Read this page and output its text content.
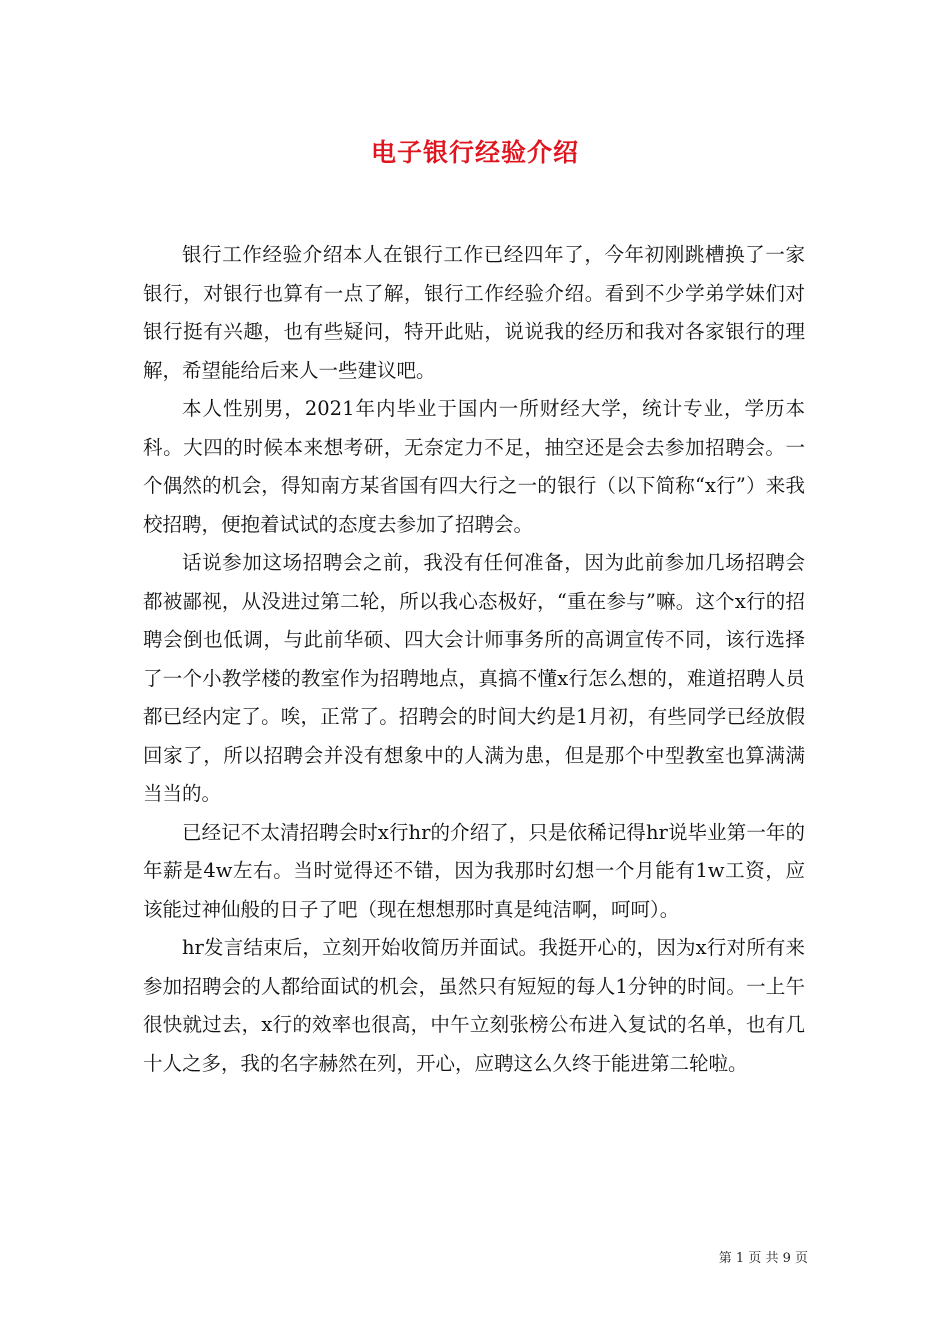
电子银行经验介绍

银行工作经验介绍本人在银行工作已经四年了，今年初刚跳槽换了一家银行，对银行也算有一点了解，银行工作经验介绍。看到不少学弟学妹们对银行挺有兴趣，也有些疑问，特开此贴，说说我的经历和我对各家银行的理解，希望能给后来人一些建议吧。

本人性别男，2021年内毕业于国内一所财经大学，统计专业，学历本科。大四的时候本来想考研，无奈定力不足，抽空还是会去参加招聘会。一个偶然的机会，得知南方某省国有四大行之一的银行（以下简称“x行”）来我校招聘，便抱着试试的态度去参加了招聘会。

话说参加这场招聘会之前，我没有任何准备，因为此前参加几场招聘会都被鄙视，从没进过第二轮，所以我心态极好，“重在参与”嘛。这个x行的招聘会倒也低调，与此前华硕、四大会计师事务所的高调宣传不同，该行选择了一个小教学楼的教室作为招聘地点，真搞不懂x行怎么想的，难道招聘人员都已经内定了。唉，正常了。招聘会的时间大约是1月初，有些同学已经放假回家了，所以招聘会并没有想象中的人满为患，但是那个中型教室也算满满当当的。

已经记不太清招聘会时x行hr的介绍了，只是依稀记得hr说毕业第一年的年薪是4w左右。当时觉得还不错，因为我那时幻想一个月能有1w工资，应该能过神仙般的日子了吧（现在想想那时真是纯洁啊，呵呵）。

hr发言结束后，立刻开始收简历并面试。我挺开心的，因为x行对所有来参加招聘会的人都给面试的机会，虽然只有短短的每人1分钟的时间。一上午很快就过去，x行的效率也很高，中午立刻张榜公布进入复试的名单，也有几十人之多，我的名字赫然在列，开心，应聘这么久终于能进第二轮啦。

第 1 页 共 9 页
